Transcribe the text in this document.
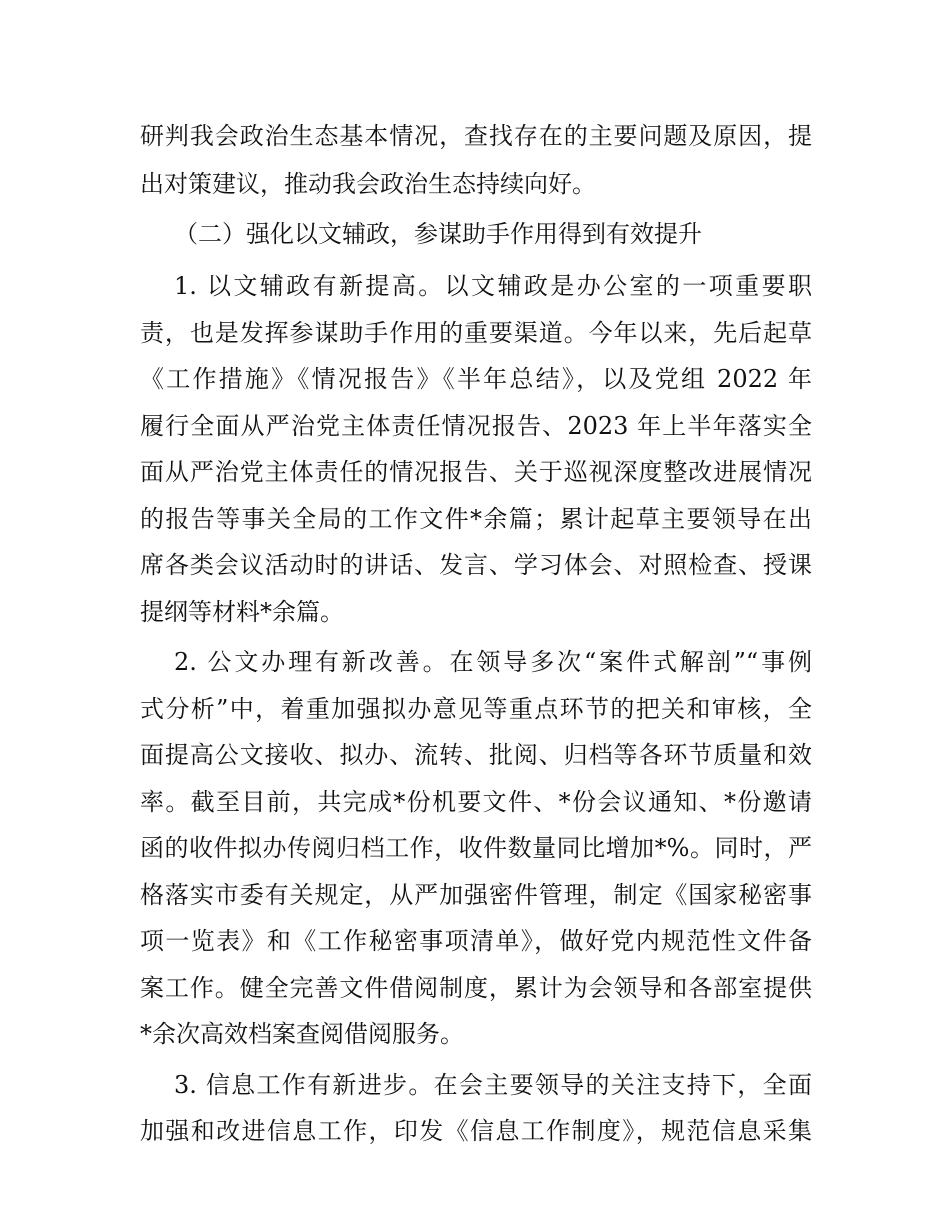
研判我会政治生态基本情况，查找存在的主要问题及原因，提
出对策建议，推动我会政治生态持续向好。
（二）强化以文辅政，参谋助手作用得到有效提升
1. 以文辅政有新提高。以文辅政是办公室的一项重要职
责，也是发挥参谋助手作用的重要渠道。今年以来，先后起草
《工作措施》《情况报告》《半年总结》，以及党组 2022 年
履行全面从严治党主体责任情况报告、2023 年上半年落实全
面从严治党主体责任的情况报告、关于巡视深度整改进展情况
的报告等事关全局的工作文件*余篇；累计起草主要领导在出
席各类会议活动时的讲话、发言、学习体会、对照检查、授课
提纲等材料*余篇。
2. 公文办理有新改善。在领导多次“案件式解剖”“事例
式分析”中，着重加强拟办意见等重点环节的把关和审核，全
面提高公文接收、拟办、流转、批阅、归档等各环节质量和效
率。截至目前，共完成*份机要文件、*份会议通知、*份邀请
函的收件拟办传阅归档工作，收件数量同比增加*%。同时，严
格落实市委有关规定，从严加强密件管理，制定《国家秘密事
项一览表》和《工作秘密事项清单》，做好党内规范性文件备
案工作。健全完善文件借阅制度，累计为会领导和各部室提供
*余次高效档案查阅借阅服务。
3. 信息工作有新进步。在会主要领导的关注支持下，全面
加强和改进信息工作，印发《信息工作制度》，规范信息采集
